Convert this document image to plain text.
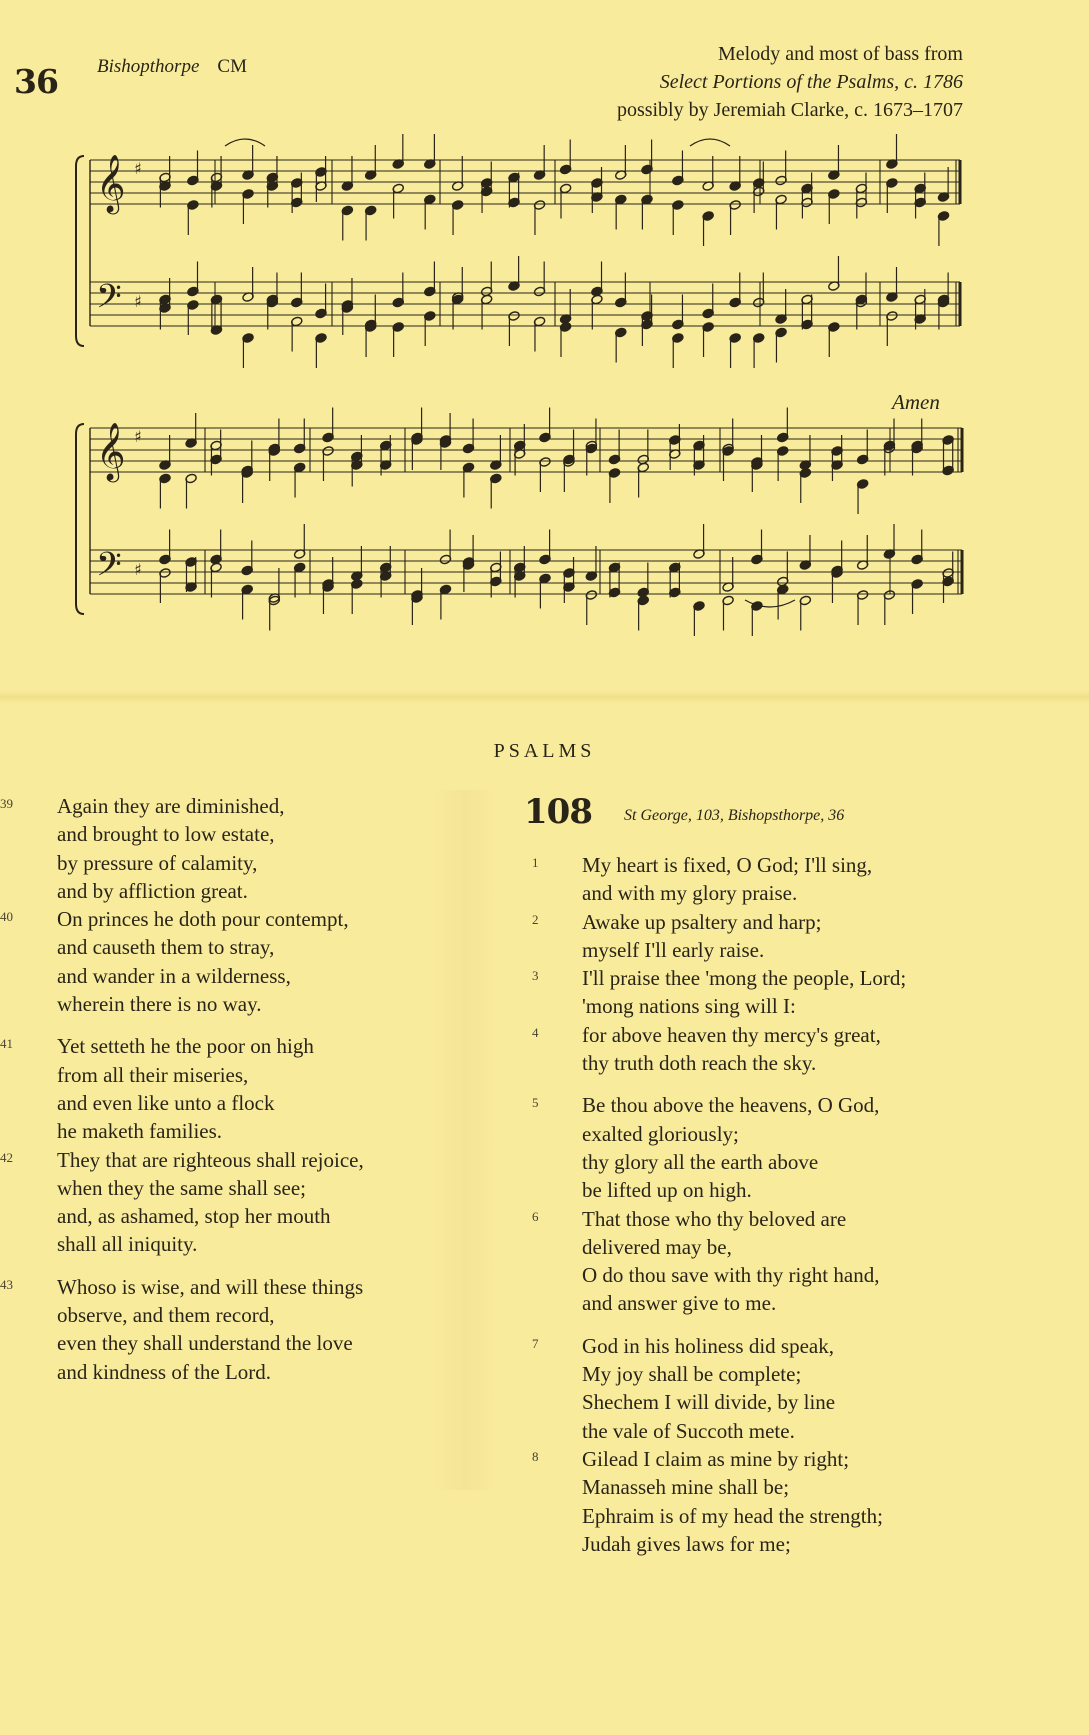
36 Bishopthorpe CM
Melody and most of bass from
Select Portions of the Psalms, c. 1786
possibly by Jeremiah Clarke, c. 1673–1707
𝄞
𝄢
♯
♯
𝄞
𝄢
♯
♯
Amen
PSALMS
108 St George, 103, Bishopsthorpe, 36
39 Again they are diminished,
and brought to low estate,
by pressure of calamity,
and by affliction great.
40 On princes he doth pour contempt,
and causeth them to stray,
and wander in a wilderness,
wherein there is no way.
41 Yet setteth he the poor on high
from all their miseries,
and even like unto a flock
he maketh families.
42 They that are righteous shall rejoice,
when they the same shall see;
and, as ashamed, stop her mouth
shall all iniquity.
43 Whoso is wise, and will these things
observe, and them record,
even they shall understand the love
and kindness of the Lord.
1 My heart is fixed, O God; I'll sing,
and with my glory praise.
2 Awake up psaltery and harp;
myself I'll early raise.
3 I'll praise thee 'mong the people, Lord;
'mong nations sing will I:
4 for above heaven thy mercy's great,
thy truth doth reach the sky.
5 Be thou above the heavens, O God,
exalted gloriously;
thy glory all the earth above
be lifted up on high.
6 That those who thy beloved are
delivered may be,
O do thou save with thy right hand,
and answer give to me.
7 God in his holiness did speak,
My joy shall be complete;
Shechem I will divide, by line
the vale of Succoth mete.
8 Gilead I claim as mine by right;
Manasseh mine shall be;
Ephraim is of my head the strength;
Judah gives laws for me;
